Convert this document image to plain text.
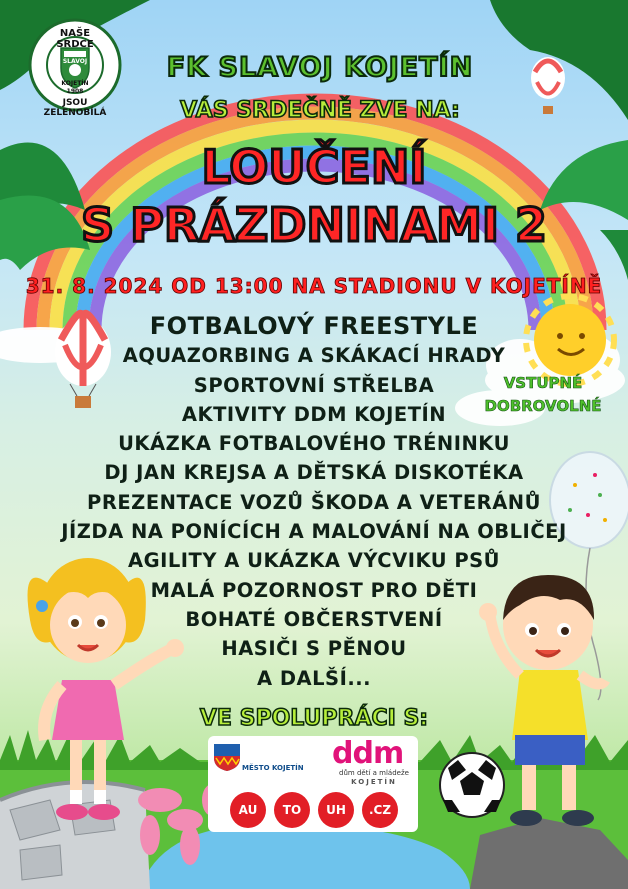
NAŠE SRDCE
SLAVOJ
KOJETÍN
1908
JSOU ZELENOBÍLÁ
FK SLAVOJ KOJETÍN
VÁS SRDEČNĚ ZVE NA:
LOUČENÍ
S PRÁZDNINAMI 2
31. 8. 2024 OD 13:00 NA STADIONU V KOJETÍNĚ
FOTBALOVÝ FREESTYLE
AQUAZORBING A SKÁKACÍ HRADY
SPORTOVNÍ STŘELBA
AKTIVITY DDM KOJETÍN
UKÁZKA FOTBALOVÉHO TRÉNINKU
DJ JAN KREJSA A DĚTSKÁ DISKOTÉKA
PREZENTACE VOZŮ ŠKODA A VETERÁNŮ
JÍZDA NA PONÍCÍCH A MALOVÁNÍ NA OBLIČEJ
AGILITY A UKÁZKA VÝCVIKU PSŮ
MALÁ POZORNOST PRO DĚTI
BOHATÉ OBČERSTVENÍ
HASIČI S PĚNOU
A DALŠÍ...
VSTUPNÉ
DOBROVOLNÉ
VE SPOLUPRÁCI S:
MĚSTO KOJETÍN ddm
dům dětí a mládeže
KOJETÍN
AU	TO	UH	.CZ
